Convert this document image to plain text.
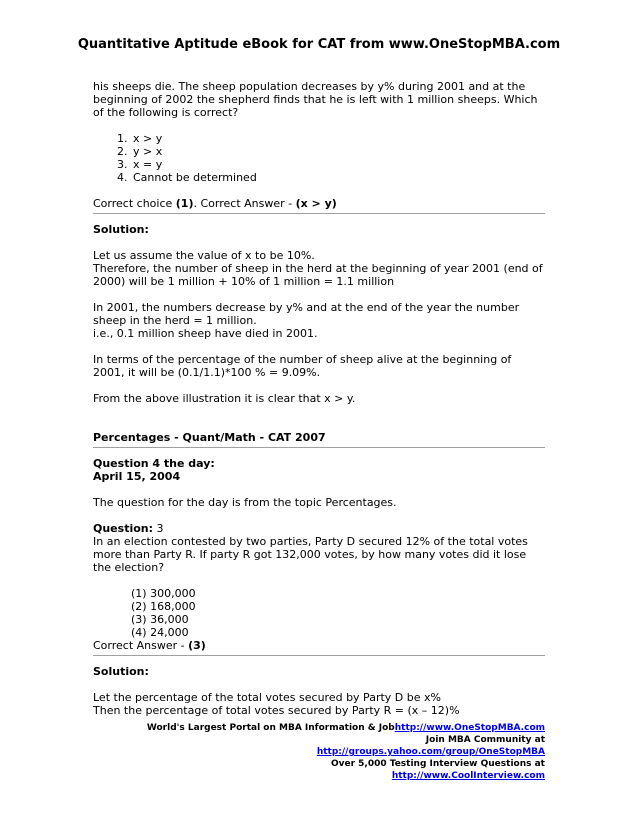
Quantitative Aptitude eBook for CAT from www.OneStopMBA.com

his sheeps die. The sheep population decreases by y% during 2001 and at the beginning of 2002 the shepherd finds that he is left with 1 million sheeps. Which of the following is correct?

1. x > y
2. y > x
3. x = y
4. Cannot be determined

Correct choice (1). Correct Answer - (x > y)

Solution:

Let us assume the value of x to be 10%.

Therefore, the number of sheep in the herd at the beginning of year 2001 (end of 2000) will be 1 million + 10% of 1 million = 1.1 million

In 2001, the numbers decrease by y% and at the end of the year the number sheep in the herd = 1 million.

i.e., 0.1 million sheep have died in 2001.

In terms of the percentage of the number of sheep alive at the beginning of 2001, it will be (0.1/1.1)*100 % = 9.09%.

From the above illustration it is clear that x > y.

Percentages - Quant/Math - CAT 2007

Question 4 the day:

April 15, 2004

The question for the day is from the topic Percentages.

Question: 3

In an election contested by two parties, Party D secured 12% of the total votes more than Party R. If party R got 132,000 votes, by how many votes did it lose the election?

(1) 300,000

(2) 168,000

(3) 36,000

(4) 24,000

Correct Answer - (3)

Solution:

Let the percentage of the total votes secured by Party D be x%

Then the percentage of total votes secured by Party R = (x – 12)%

World's Largest Portal on MBA Information & Jobhttp://www.OneStopMBA.com
Join MBA Community at
http://groups.yahoo.com/group/OneStopMBA
Over 5,000 Testing Interview Questions at
http://www.CoolInterview.com
